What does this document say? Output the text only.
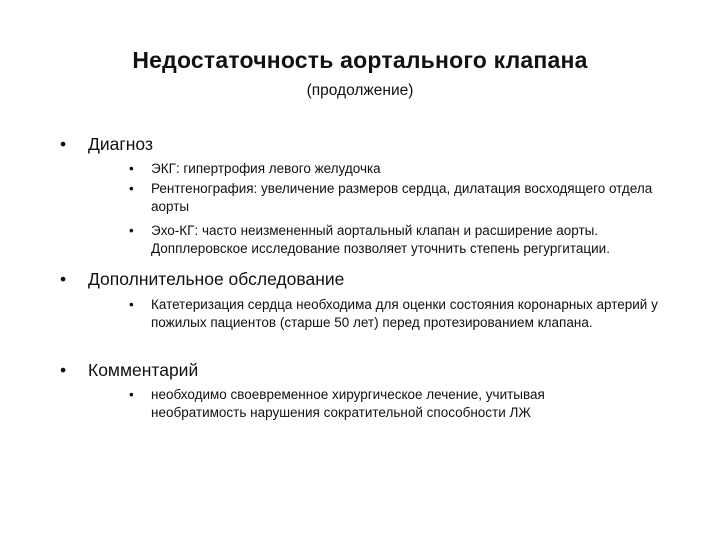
Недостаточность аортального клапана
(продолжение)
• Диагноз
• ЭКГ: гипертрофия левого желудочка
• Рентгенография: увеличение размеров сердца, дилатация восходящего отдела аорты
• Эхо-КГ: часто неизмененный аортальный клапан и расширение аорты. Допплеровское исследование позволяет уточнить степень регургитации.
• Дополнительное обследование
• Катетеризация сердца необходима для оценки состояния коронарных артерий у пожилых пациентов (старше 50 лет) перед протезированием клапана.
• Комментарий
• необходимо своевременное хирургическое лечение, учитывая необратимость нарушения сократительной способности ЛЖ
